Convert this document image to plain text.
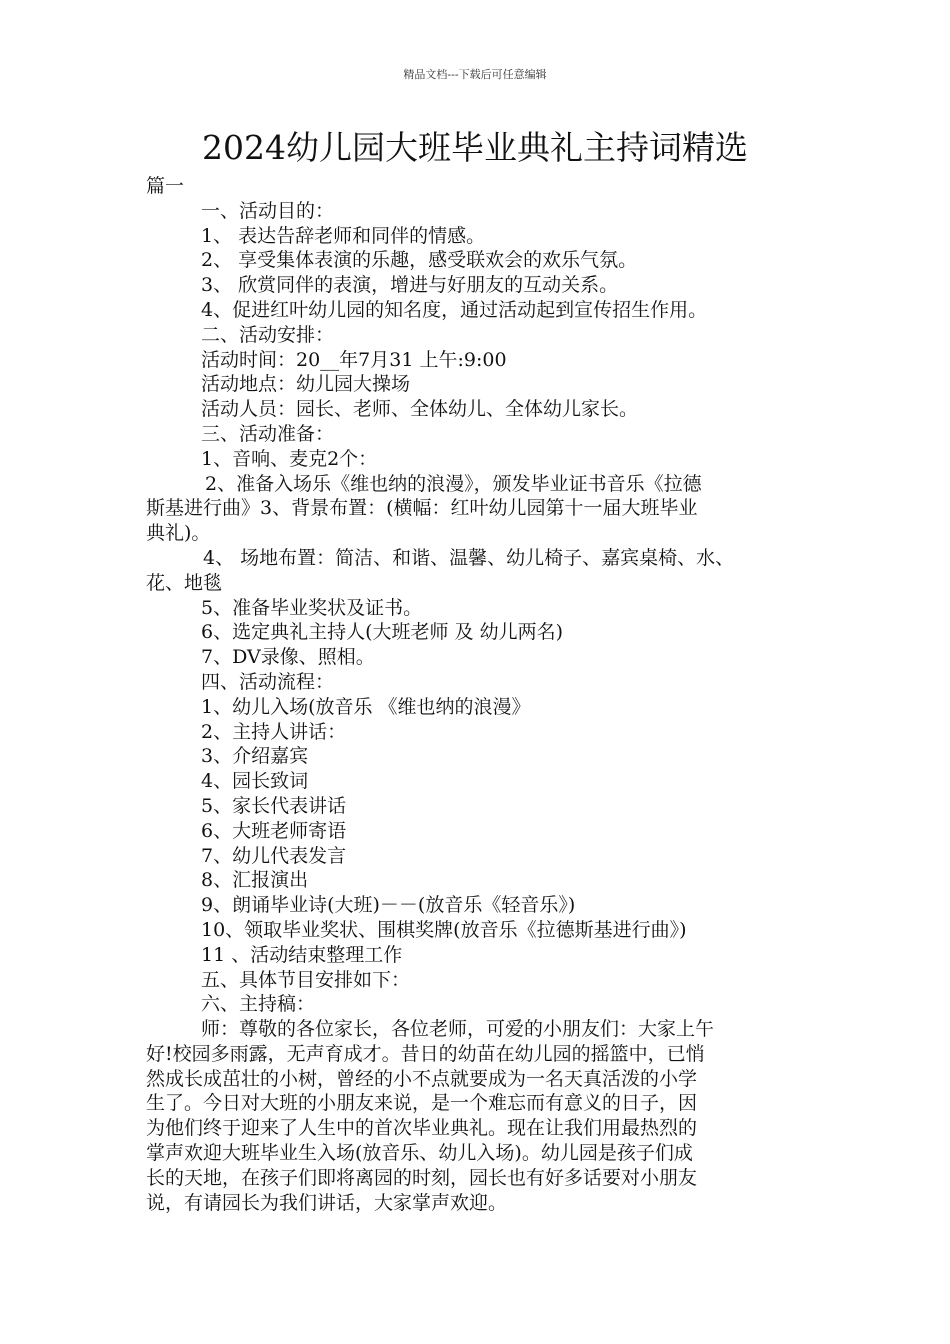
精品文档---下载后可任意编辑
2024幼儿园大班毕业典礼主持词精选

篇一

一、活动目的：

1、 表达告辞老师和同伴的情感。

2、 享受集体表演的乐趣，感受联欢会的欢乐气氛。

3、 欣赏同伴的表演，增进与好朋友的互动关系。

4、促进红叶幼儿园的知名度，通过活动起到宣传招生作用。

二、活动安排：

活动时间：20__年7月31 上午:9:00

活动地点：幼儿园大操场

活动人员：园长、老师、全体幼儿、全体幼儿家长。

三、活动准备：

1、音响、麦克2个：

2、准备入场乐《维也纳的浪漫》，颁发毕业证书音乐《拉德

斯基进行曲》3、背景布置：(横幅：红叶幼儿园第十一届大班毕业

典礼)。

4、 场地布置：简洁、和谐、温馨、幼儿椅子、嘉宾桌椅、水、

花、地毯

5、准备毕业奖状及证书。

6、选定典礼主持人(大班老师 及 幼儿两名)

7、DV录像、照相。

四、活动流程：

1、幼儿入场(放音乐 《维也纳的浪漫》

2、主持人讲话：

3、介绍嘉宾

4、园长致词

5、家长代表讲话

6、大班老师寄语

7、幼儿代表发言

8、汇报演出

9、朗诵毕业诗(大班)－－(放音乐《轻音乐》)

10、领取毕业奖状、围棋奖牌(放音乐《拉德斯基进行曲》)

11 、活动结束整理工作

五、具体节目安排如下：

六、主持稿：

师：尊敬的各位家长，各位老师，可爱的小朋友们：大家上午

好!校园多雨露，无声育成才。昔日的幼苗在幼儿园的摇篮中，已悄

然成长成茁壮的小树，曾经的小不点就要成为一名天真活泼的小学

生了。今日对大班的小朋友来说，是一个难忘而有意义的日子，因

为他们终于迎来了人生中的首次毕业典礼。现在让我们用最热烈的

掌声欢迎大班毕业生入场(放音乐、幼儿入场)。幼儿园是孩子们成

长的天地，在孩子们即将离园的时刻，园长也有好多话要对小朋友

说，有请园长为我们讲话，大家掌声欢迎。
